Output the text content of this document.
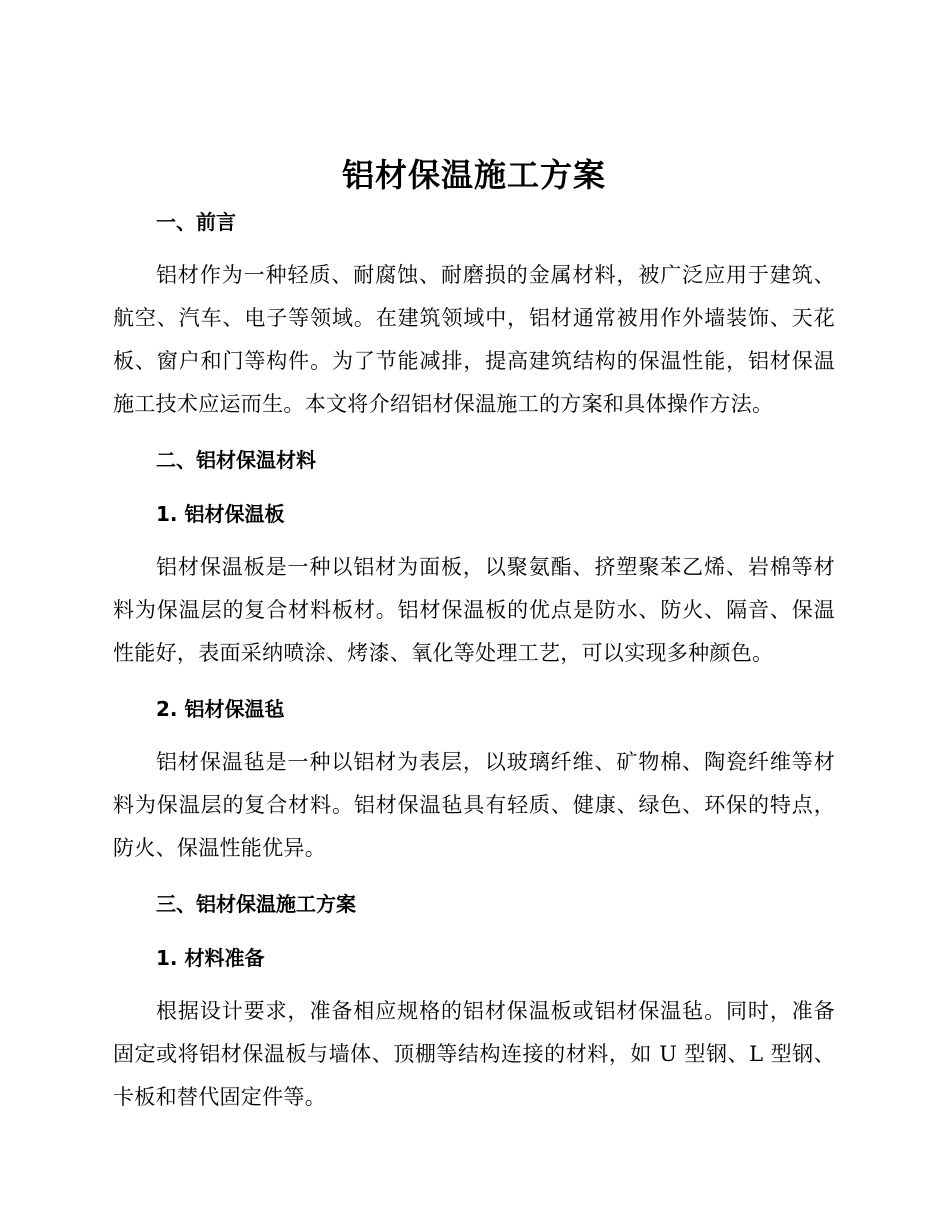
铝材保温施工方案
一、前言

铝材作为一种轻质、耐腐蚀、耐磨损的金属材料，被广泛应用于建筑、航空、汽车、电子等领域。在建筑领域中，铝材通常被用作外墙装饰、天花板、窗户和门等构件。为了节能减排，提高建筑结构的保温性能，铝材保温施工技术应运而生。本文将介绍铝材保温施工的方案和具体操作方法。

二、铝材保温材料
1. 铝材保温板

铝材保温板是一种以铝材为面板，以聚氨酯、挤塑聚苯乙烯、岩棉等材料为保温层的复合材料板材。铝材保温板的优点是防水、防火、隔音、保温性能好，表面采纳喷涂、烤漆、氧化等处理工艺，可以实现多种颜色。

2. 铝材保温毡

铝材保温毡是一种以铝材为表层，以玻璃纤维、矿物棉、陶瓷纤维等材料为保温层的复合材料。铝材保温毡具有轻质、健康、绿色、环保的特点，防火、保温性能优异。

三、铝材保温施工方案
1. 材料准备

根据设计要求，准备相应规格的铝材保温板或铝材保温毡。同时，准备固定或将铝材保温板与墙体、顶棚等结构连接的材料，如 U 型钢、L 型钢、卡板和替代固定件等。
